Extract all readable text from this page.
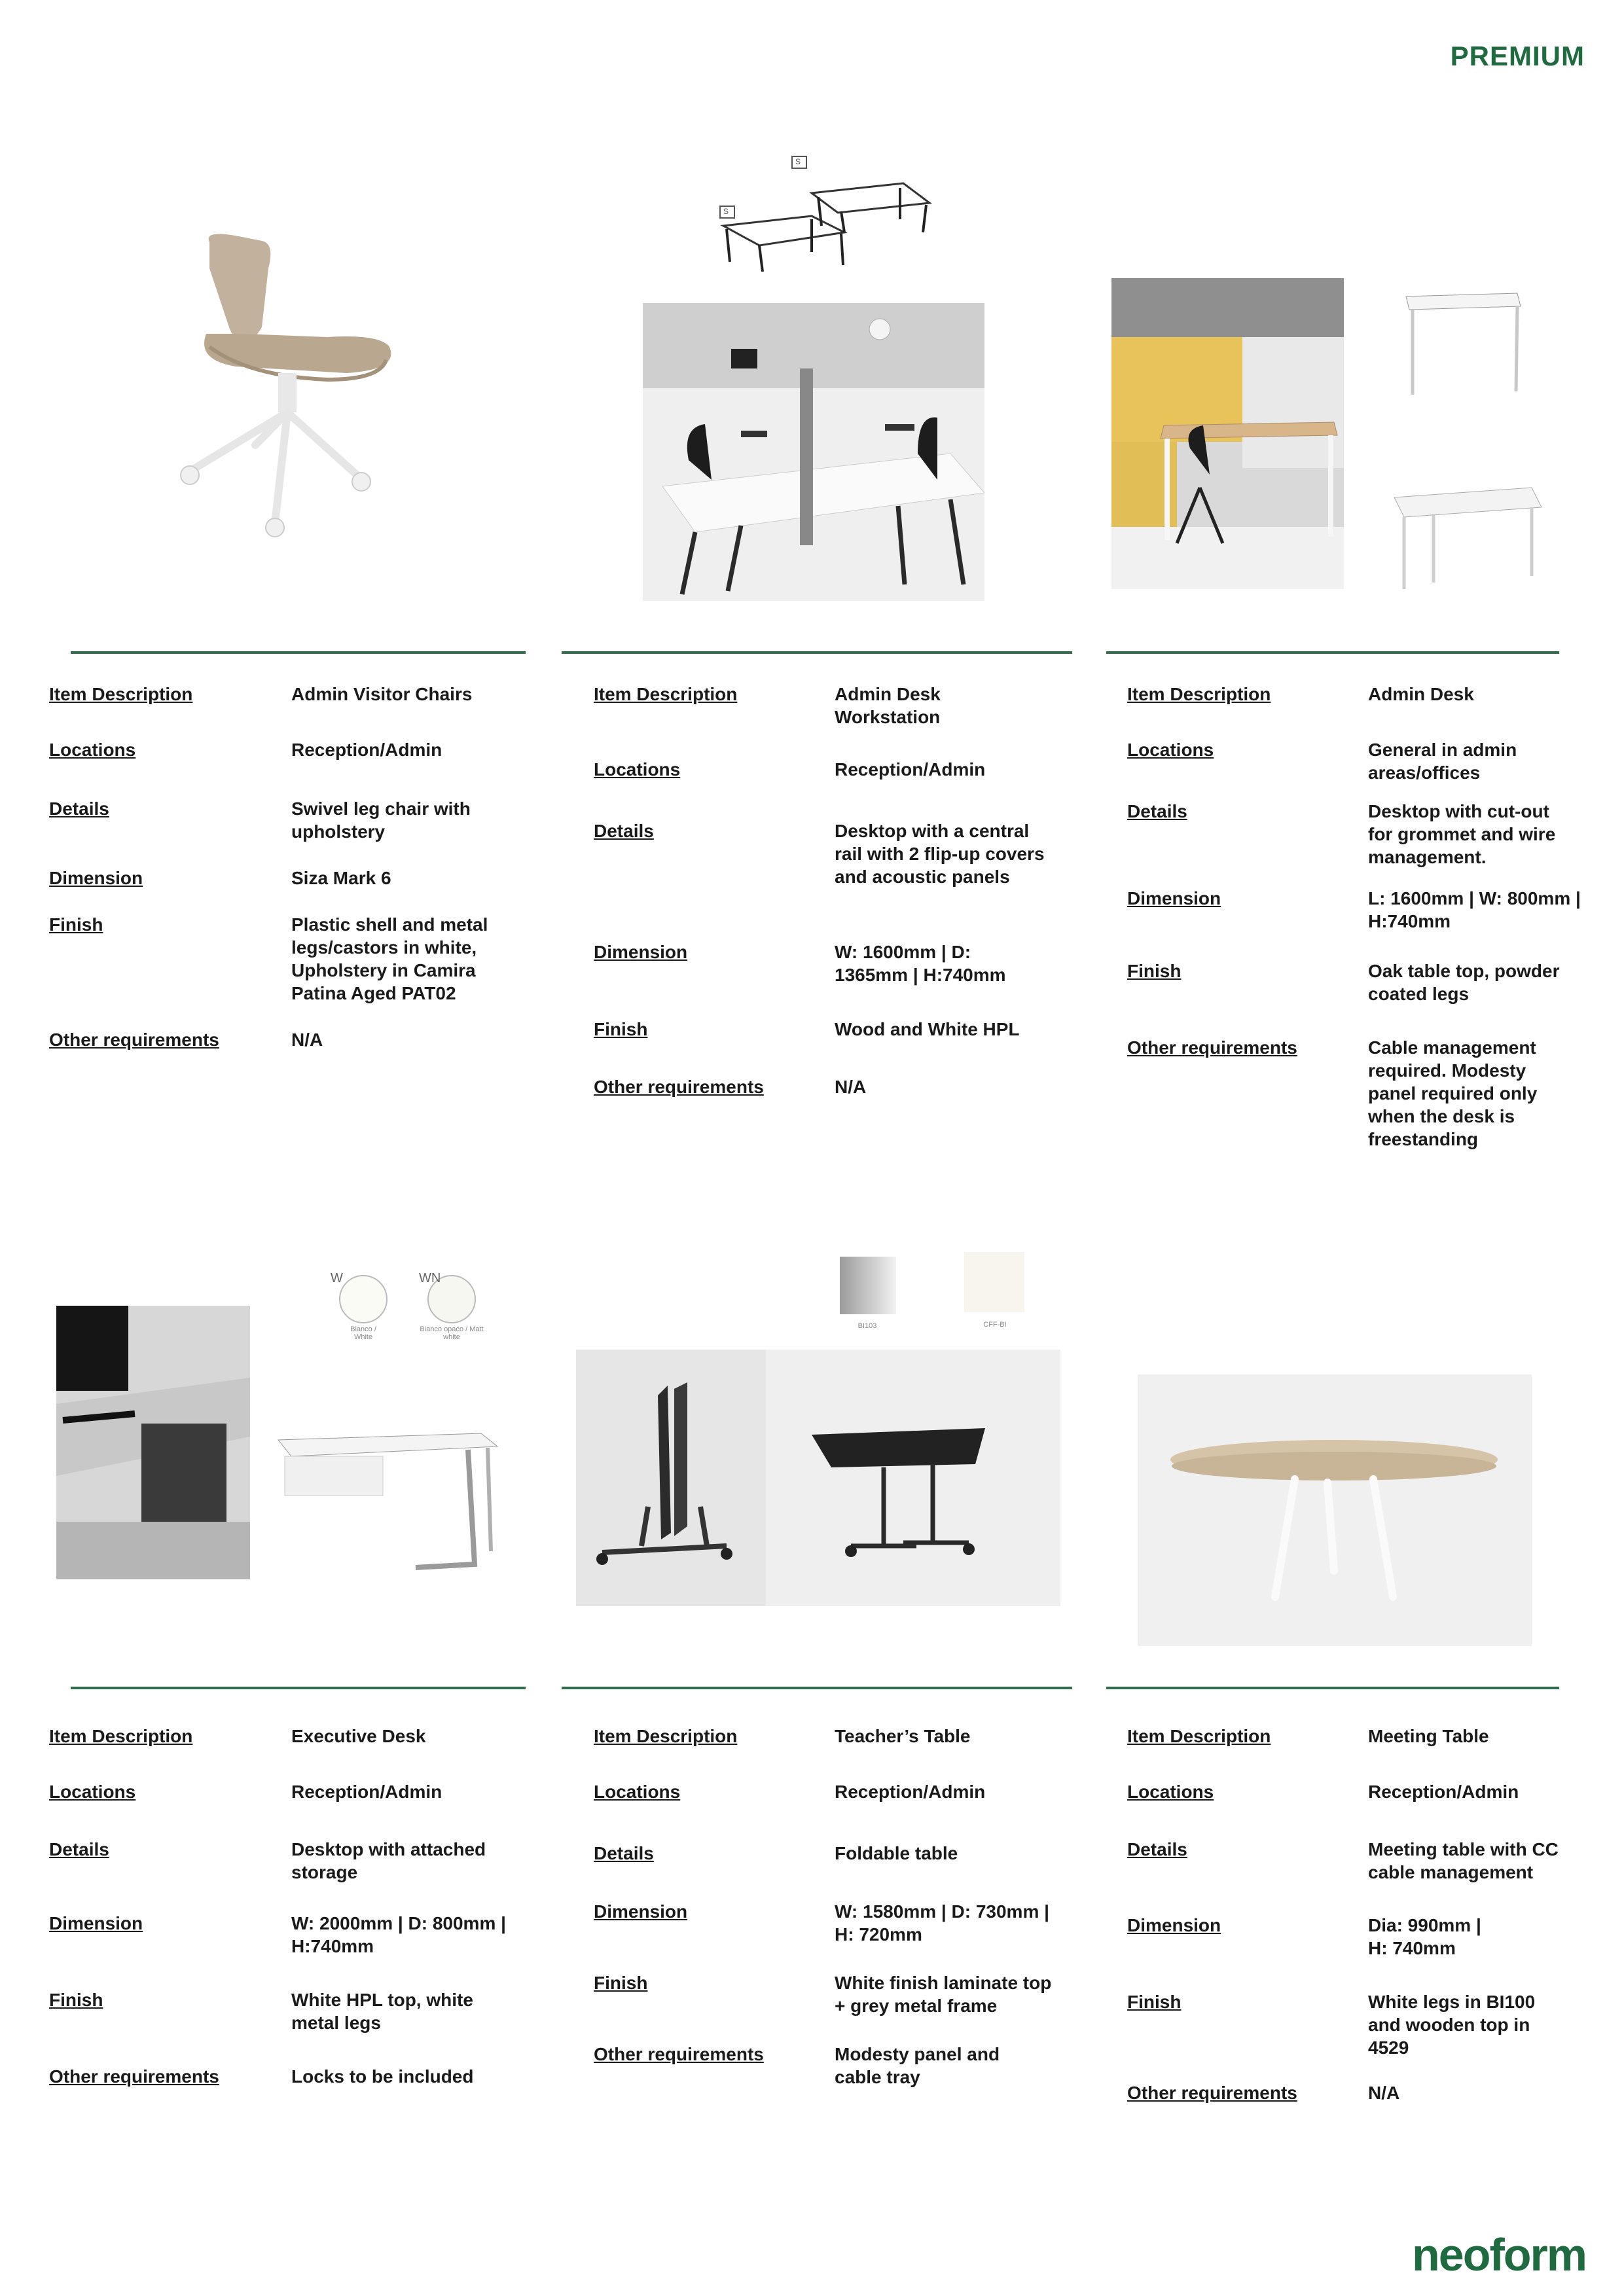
PREMIUM
neoform
S
S
Item Description	Admin Visitor Chairs
Locations	Reception/Admin
Details	Swivel leg chair with upholstery
Dimension	Siza Mark 6
Finish	Plastic shell and metal legs/castors in white, Upholstery in Camira Patina Aged PAT02
Other requirements	N/A
Item Description	Admin Desk Workstation
Locations	Reception/Admin
Details	Desktop with a central rail with 2 flip-up covers and acoustic panels
Dimension	W: 1600mm | D: 1365mm | H:740mm
Finish	Wood and White HPL
Other requirements	N/A
Item Description	Admin Desk
Locations	General in admin areas/offices
Details	Desktop with cut-out for grommet and wire management.
Dimension	L: 1600mm | W: 800mm | H:740mm
Finish	Oak table top, powder coated legs
Other requirements	Cable management required. Modesty panel required only when the desk is freestanding
W
Bianco / White
WN
Bianco opaco / Matt white
BI103	CFF-BI
Item Description	Executive Desk
Locations	Reception/Admin
Details	Desktop with attached storage
Dimension	W: 2000mm | D: 800mm | H:740mm
Finish	White HPL top, white metal legs
Other requirements	Locks to be included
Item Description	Teacher’s Table
Locations	Reception/Admin
Details	Foldable table
Dimension	W: 1580mm | D: 730mm | H: 720mm
Finish	White finish laminate top + grey metal frame
Other requirements	Modesty panel and cable tray
Item Description	Meeting Table
Locations	Reception/Admin
Details	Meeting table with CC cable management
Dimension	Dia: 990mm | H: 740mm
Finish	White legs in BI100 and wooden top in 4529
Other requirements	N/A
